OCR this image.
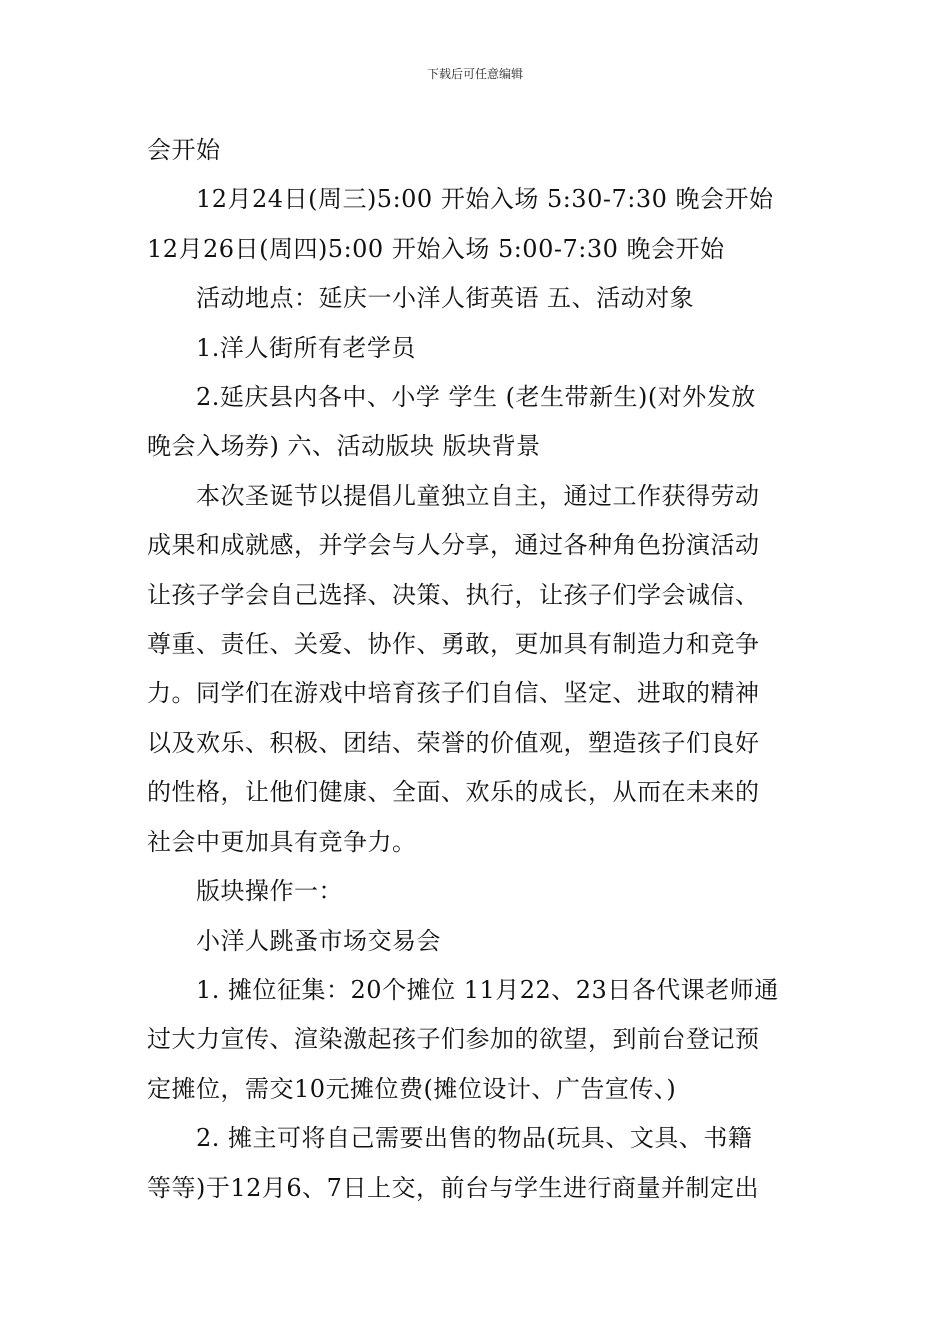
下载后可任意编辑
会开始
12月24日(周三)5:00 开始入场 5:30-7:30 晚会开始
12月26日(周四)5:00 开始入场 5:00-7:30 晚会开始
活动地点：延庆一小洋人街英语 五、活动对象
1.洋人街所有老学员
2.延庆县内各中、小学 学生 (老生带新生)(对外发放
晚会入场券) 六、活动版块 版块背景
本次圣诞节以提倡儿童独立自主，通过工作获得劳动
成果和成就感，并学会与人分享，通过各种角色扮演活动
让孩子学会自己选择、决策、执行，让孩子们学会诚信、
尊重、责任、关爱、协作、勇敢，更加具有制造力和竞争
力。同学们在游戏中培育孩子们自信、坚定、进取的精神
以及欢乐、积极、团结、荣誉的价值观，塑造孩子们良好
的性格，让他们健康、全面、欢乐的成长，从而在未来的
社会中更加具有竞争力。
版块操作一：
小洋人跳蚤市场交易会
1. 摊位征集：20个摊位 11月22、23日各代课老师通
过大力宣传、渲染激起孩子们参加的欲望，到前台登记预
定摊位，需交10元摊位费(摊位设计、广告宣传、)
2. 摊主可将自己需要出售的物品(玩具、文具、书籍
等等)于12月6、7日上交，前台与学生进行商量并制定出
